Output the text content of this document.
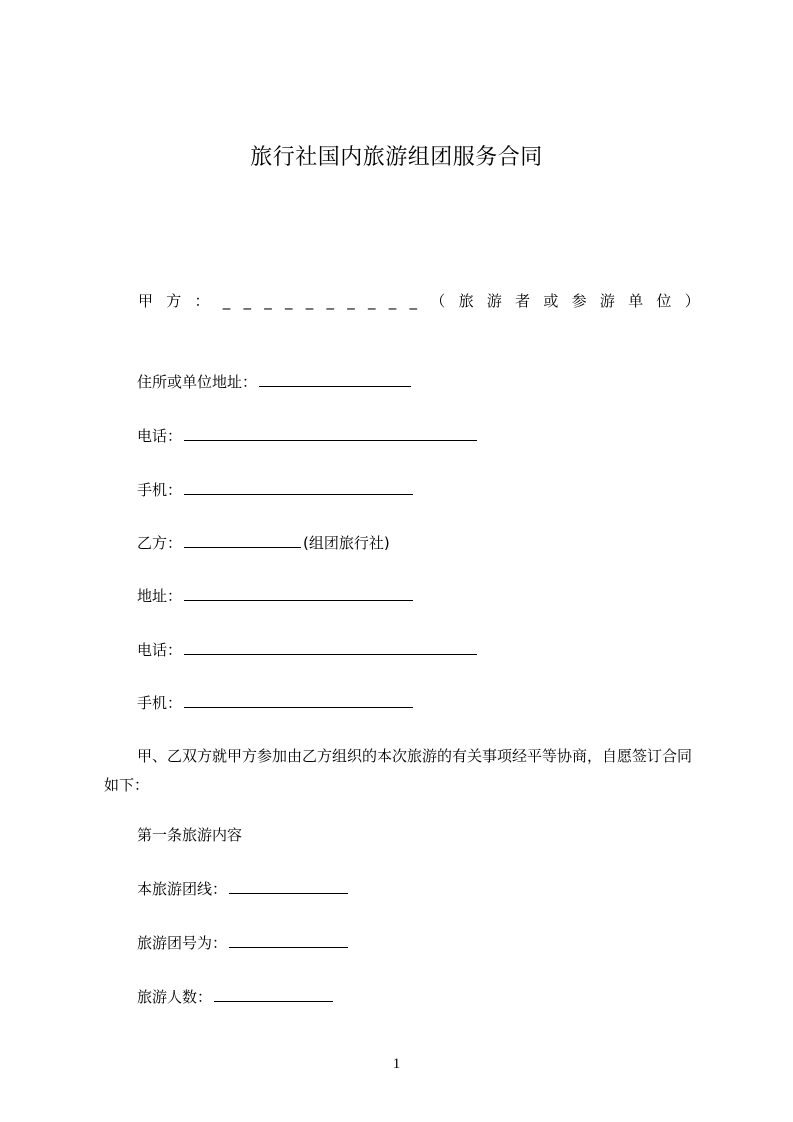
旅行社国内旅游组团服务合同
甲 方 ： _ _ _ _ _ _ _ _ _ _ （ 旅 游 者 或 参 游 单 位 ）
住所或单位地址：
电话：
手机：
乙方：	(组团旅行社)
地址：
电话：
手机：
甲、乙双方就甲方参加由乙方组织的本次旅游的有关事项经平等协商，自愿签订合同如下：
第一条旅游内容
本旅游团线：
旅游团号为：
旅游人数：
1
